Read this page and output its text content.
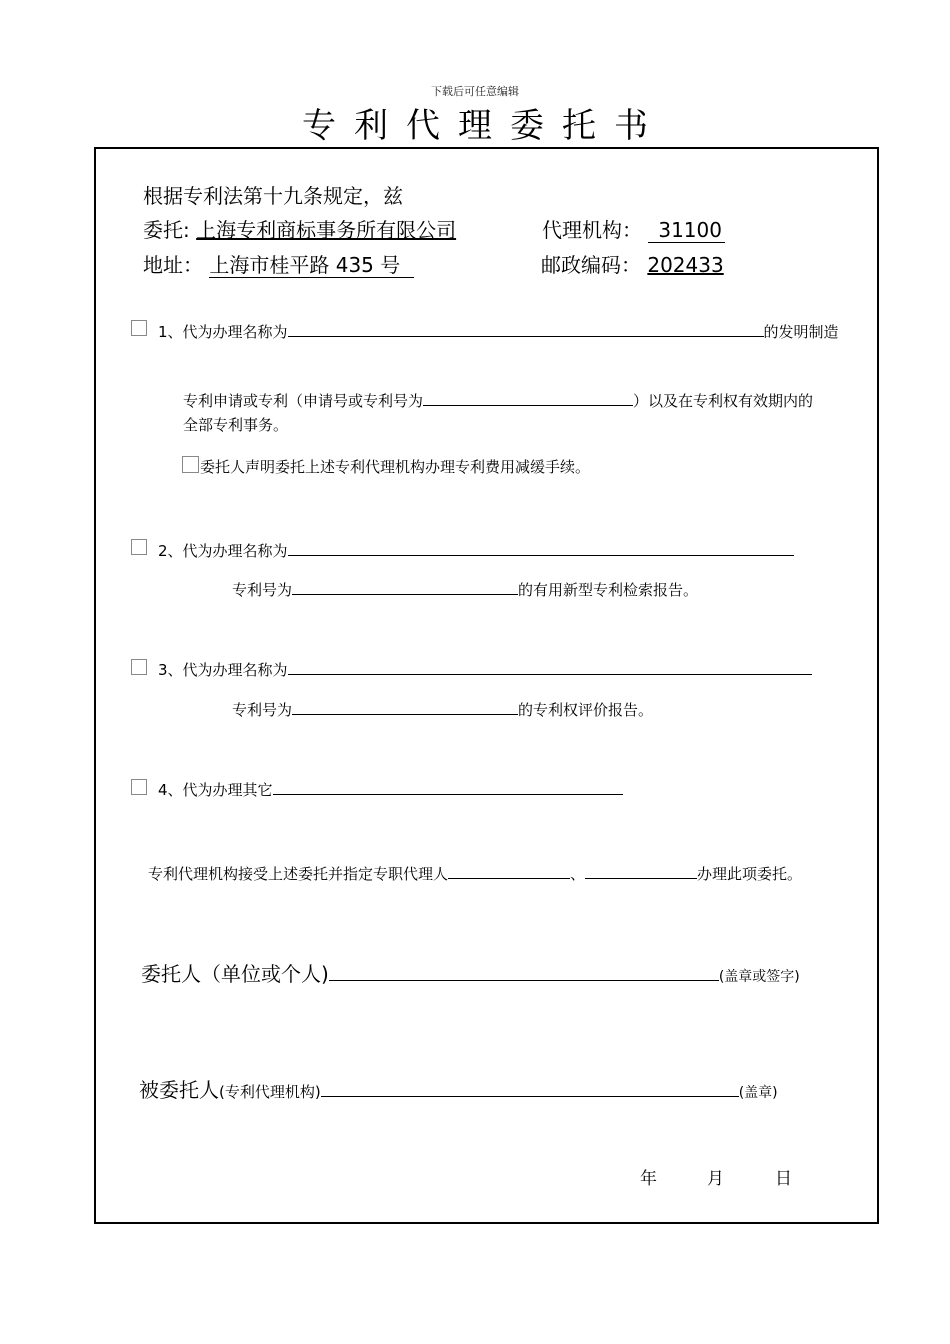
下载后可任意编辑
专利代理委托书
根据专利法第十九条规定，兹
委托: 上海专利商标事务所有限公司	代理机构： 31100
地址： 上海市桂平路 435 号	邮政编码： 202433
1、代为办理名称为	的发明制造
专利申请或专利（申请号或专利号为	）以及在专利权有效期内的
全部专利事务。
委托人声明委托上述专利代理机构办理专利费用减缓手续。
2、代为办理名称为
专利号为	的有用新型专利检索报告。
3、代为办理名称为
专利号为	的专利权评价报告。
4、代为办理其它
专利代理机构接受上述委托并指定专职代理人	、	办理此项委托。
委托人（单位或个人)	(盖章或签字)
被委托人(专利代理机构)	(盖章)
年	月	日
